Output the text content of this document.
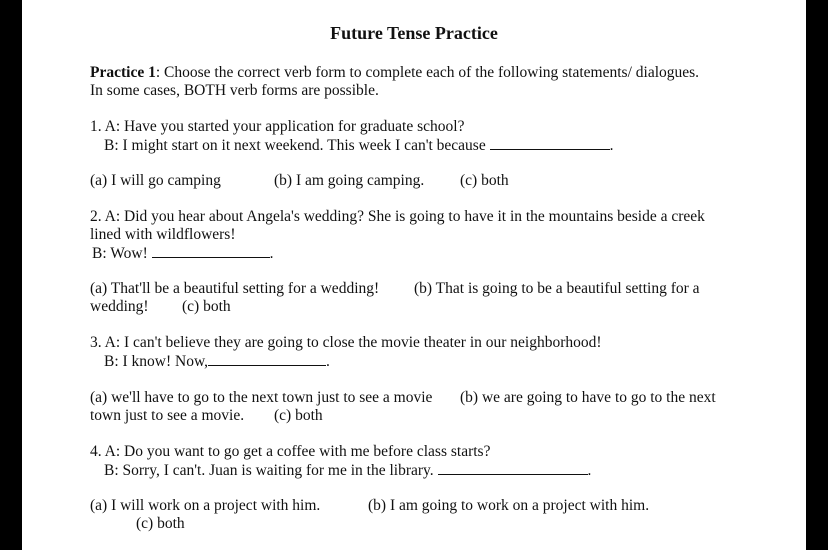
Future Tense Practice
Practice 1: Choose the correct verb form to complete each of the following statements/ dialogues.
In some cases, BOTH verb forms are possible.
1. A: Have you started your application for graduate school?
B: I might start on it next weekend. This week I can't because	.
(a) I will go camping	(b) I am going camping. (c) both
2. A: Did you hear about Angela's wedding? She is going to have it in the mountains beside a creek
lined with wildflowers!
B: Wow!	.
(a) That'll be a beautiful setting for a wedding! (b) That is going to be a beautiful setting for a
wedding! (c) both
3. A: I can't believe they are going to close the movie theater in our neighborhood!
B: I know! Now,	.
(a) we'll have to go to the next town just to see a movie (b) we are going to have to go to the next
town just to see a movie. (c) both
4. A: Do you want to go get a coffee with me before class starts?
B: Sorry, I can't. Juan is waiting for me in the library.	.
(a) I will work on a project with him.	(b) I am going to work on a project with him.
(c) both
